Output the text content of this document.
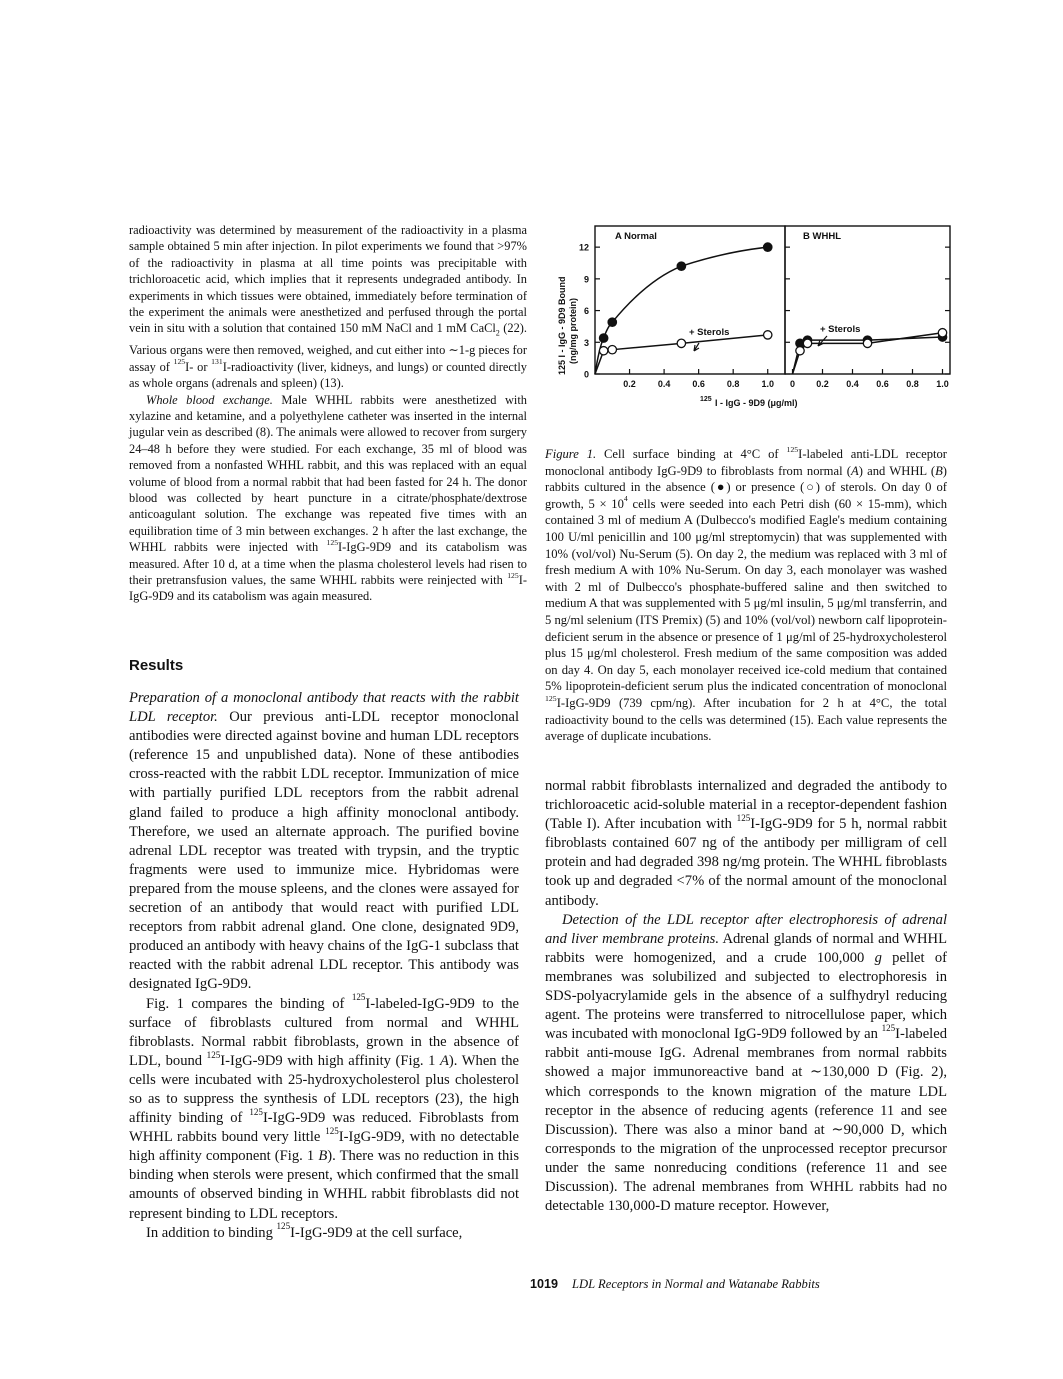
radioactivity was determined by measurement of the radioactivity in a plasma sample obtained 5 min after injection. In pilot experiments we found that >97% of the radioactivity in plasma at all time points was precipitable with trichloroacetic acid, which implies that it represents undegraded antibody. In experiments in which tissues were obtained, immediately before termination of the experiment the animals were anesthetized and perfused through the portal vein in situ with a solution that contained 150 mM NaCl and 1 mM CaCl$_2$ (22). Various organs were then removed, weighed, and cut either into ∼1-g pieces for assay of $^{125}$I- or $^{131}$I-radioactivity (liver, kidneys, and lungs) or counted directly as whole organs (adrenals and spleen) (13).

Whole blood exchange. Male WHHL rabbits were anesthetized with xylazine and ketamine, and a polyethylene catheter was inserted in the internal jugular vein as described (8). The animals were allowed to recover from surgery 24–48 h before they were studied. For each exchange, 35 ml of blood was removed from a nonfasted WHHL rabbit, and this was replaced with an equal volume of blood from a normal rabbit that had been fasted for 24 h. The donor blood was collected by heart puncture in a citrate/phosphate/dextrose anticoagulant solution. The exchange was repeated five times with an equilibration time of 3 min between exchanges. 2 h after the last exchange, the WHHL rabbits were injected with $^{125}$I-IgG-9D9 and its catabolism was measured. After 10 d, at a time when the plasma cholesterol levels had risen to their pretransfusion values, the same WHHL rabbits were reinjected with $^{125}$I-IgG-9D9 and its catabolism was again measured.

Results

Preparation of a monoclonal antibody that reacts with the rabbit LDL receptor. Our previous anti-LDL receptor monoclonal antibodies were directed against bovine and human LDL receptors (reference 15 and unpublished data). None of these antibodies cross-reacted with the rabbit LDL receptor. Immunization of mice with partially purified LDL receptors from the rabbit adrenal gland failed to produce a high affinity monoclonal antibody. Therefore, we used an alternate approach. The purified bovine adrenal LDL receptor was treated with trypsin, and the tryptic fragments were used to immunize mice. Hybridomas were prepared from the mouse spleens, and the clones were assayed for secretion of an antibody that would react with purified LDL receptors from rabbit adrenal gland. One clone, designated 9D9, produced an antibody with heavy chains of the IgG-1 subclass that reacted with the rabbit adrenal LDL receptor. This antibody was designated IgG-9D9.

Fig. 1 compares the binding of $^{125}$I-labeled-IgG-9D9 to the surface of fibroblasts cultured from normal and WHHL fibroblasts. Normal rabbit fibroblasts, grown in the absence of LDL, bound $^{125}$I-IgG-9D9 with high affinity (Fig. 1 A). When the cells were incubated with 25-hydroxycholesterol plus cholesterol so as to suppress the synthesis of LDL receptors (23), the high affinity binding of $^{125}$I-IgG-9D9 was reduced. Fibroblasts from WHHL rabbits bound very little $^{125}$I-IgG-9D9, with no detectable high affinity component (Fig. 1 B). There was no reduction in this binding when sterols were present, which confirmed that the small amounts of observed binding in WHHL rabbit fibroblasts did not represent binding to LDL receptors.

In addition to binding $^{125}$I-IgG-9D9 at the cell surface,

125 I - IgG - 9D9 Bound (ng/mg protein)
A Normal	B WHHL
+ Sterols	+ Sterols
0.2 0.4 0.6 0.8 1.0
0
3
6
9
12
0 0.2 0.4 0.6 0.8 1.0
125 I - IgG - 9D9 (μg/ml)

Figure 1. Cell surface binding at 4°C of $^{125}$I-labeled anti-LDL receptor monoclonal antibody IgG-9D9 to fibroblasts from normal (A) and WHHL (B) rabbits cultured in the absence (●) or presence (○) of sterols. On day 0 of growth, $5 \times 10^4$ cells were seeded into each Petri dish (60 × 15-mm), which contained 3 ml of medium A (Dulbecco's modified Eagle's medium containing 100 U/ml penicillin and 100 μg/ml streptomycin) that was supplemented with 10% (vol/vol) Nu-Serum (5). On day 2, the medium was replaced with 3 ml of fresh medium A with 10% Nu-Serum. On day 3, each monolayer was washed with 2 ml of Dulbecco's phosphate-buffered saline and then switched to medium A that was supplemented with 5 μg/ml insulin, 5 μg/ml transferrin, and 5 ng/ml selenium (ITS Premix) (5) and 10% (vol/vol) newborn calf lipoprotein-deficient serum in the absence or presence of 1 μg/ml of 25-hydroxycholesterol plus 15 μg/ml cholesterol. Fresh medium of the same composition was added on day 4. On day 5, each monolayer received ice-cold medium that contained 5% lipoprotein-deficient serum plus the indicated concentration of monoclonal $^{125}$I-IgG-9D9 (739 cpm/ng). After incubation for 2 h at 4°C, the total radioactivity bound to the cells was determined (15). Each value represents the average of duplicate incubations.

normal rabbit fibroblasts internalized and degraded the antibody to trichloroacetic acid-soluble material in a receptor-dependent fashion (Table I). After incubation with $^{125}$I-IgG-9D9 for 5 h, normal rabbit fibroblasts contained 607 ng of the antibody per milligram of cell protein and had degraded 398 ng/mg protein. The WHHL fibroblasts took up and degraded <7% of the normal amount of the monoclonal antibody.

Detection of the LDL receptor after electrophoresis of adrenal and liver membrane proteins. Adrenal glands of normal and WHHL rabbits were homogenized, and a crude 100,000 g pellet of membranes was solubilized and subjected to electrophoresis in SDS-polyacrylamide gels in the absence of a sulfhydryl reducing agent. The proteins were transferred to nitrocellulose paper, which was incubated with monoclonal IgG-9D9 followed by an $^{125}$I-labeled rabbit anti-mouse IgG. Adrenal membranes from normal rabbits showed a major immunoreactive band at ∼130,000 D (Fig. 2), which corresponds to the known migration of the mature LDL receptor in the absence of reducing agents (reference 11 and see Discussion). There was also a minor band at ∼90,000 D, which corresponds to the migration of the unprocessed receptor precursor under the same nonreducing conditions (reference 11 and see Discussion). The adrenal membranes from WHHL rabbits had no detectable 130,000-D mature receptor. However,

1019 LDL Receptors in Normal and Watanabe Rabbits
